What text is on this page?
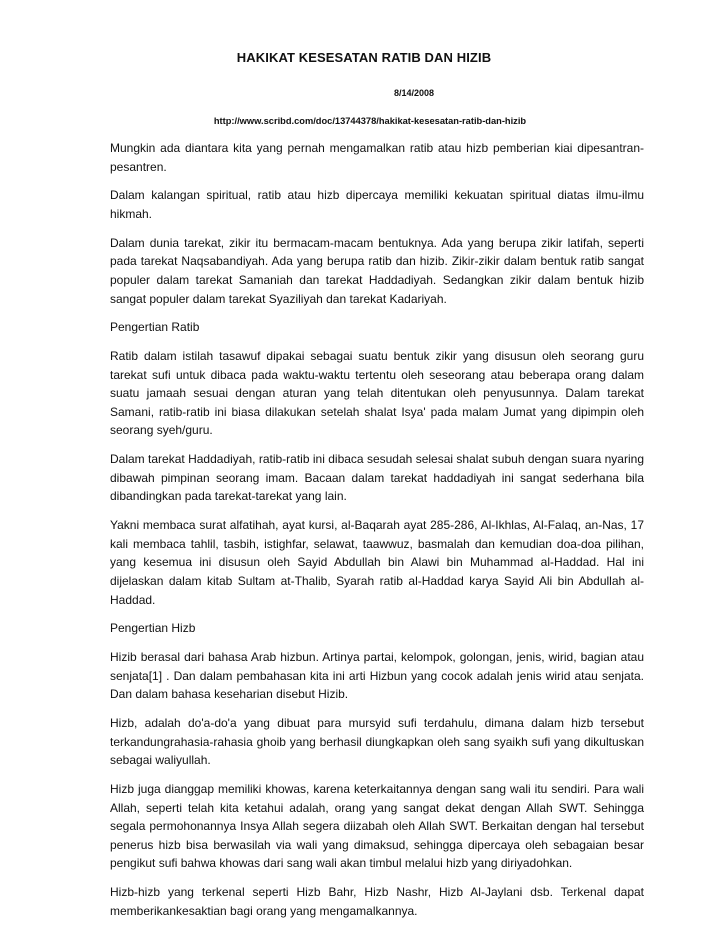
HAKIKAT KESESATAN RATIB DAN HIZIB
8/14/2008
http://www.scribd.com/doc/13744378/hakikat-kesesatan-ratib-dan-hizib

Mungkin ada diantara kita yang pernah mengamalkan ratib atau hizb pemberian kiai dipesantran-pesantren.

Dalam kalangan spiritual, ratib atau hizb dipercaya memiliki kekuatan spiritual diatas ilmu-ilmu hikmah.

Dalam dunia tarekat, zikir itu bermacam-macam bentuknya. Ada yang berupa zikir latifah, seperti pada tarekat Naqsabandiyah. Ada yang berupa ratib dan hizib. Zikir-zikir dalam bentuk ratib sangat populer dalam tarekat Samaniah dan tarekat Haddadiyah. Sedangkan zikir dalam bentuk hizib sangat populer dalam tarekat Syaziliyah dan tarekat Kadariyah.

Pengertian Ratib

Ratib dalam istilah tasawuf dipakai sebagai suatu bentuk zikir yang disusun oleh seorang guru tarekat sufi untuk dibaca pada waktu-waktu tertentu oleh seseorang atau beberapa orang dalam suatu jamaah sesuai dengan aturan yang telah ditentukan oleh penyusunnya. Dalam tarekat Samani, ratib-ratib ini biasa dilakukan setelah shalat Isya' pada malam Jumat yang dipimpin oleh seorang syeh/guru.

Dalam tarekat Haddadiyah, ratib-ratib ini dibaca sesudah selesai shalat subuh dengan suara nyaring dibawah pimpinan seorang imam. Bacaan dalam tarekat haddadiyah ini sangat sederhana bila dibandingkan pada tarekat-tarekat yang lain.

Yakni membaca surat alfatihah, ayat kursi, al-Baqarah ayat 285-286, Al-Ikhlas, Al-Falaq, an-Nas, 17 kali membaca tahlil, tasbih, istighfar, selawat, taawwuz, basmalah dan kemudian doa-doa pilihan, yang kesemua ini disusun oleh Sayid Abdullah bin Alawi bin Muhammad al-Haddad. Hal ini dijelaskan dalam kitab Sultam at-Thalib, Syarah ratib al-Haddad karya Sayid Ali bin Abdullah al-Haddad.

Pengertian Hizb

Hizib berasal dari bahasa Arab hizbun. Artinya partai, kelompok, golongan, jenis, wirid, bagian atau senjata[1] . Dan dalam pembahasan kita ini arti Hizbun yang cocok adalah jenis wirid atau senjata. Dan dalam bahasa keseharian disebut Hizib.

Hizb, adalah do'a-do'a yang dibuat para mursyid sufi terdahulu, dimana dalam hizb tersebut terkandungrahasia-rahasia ghoib yang berhasil diungkapkan oleh sang syaikh sufi yang dikultuskan sebagai waliyullah.

Hizb juga dianggap memiliki khowas, karena keterkaitannya dengan sang wali itu sendiri. Para wali Allah, seperti telah kita ketahui adalah, orang yang sangat dekat dengan Allah SWT. Sehingga segala permohonannya Insya Allah segera diizabah oleh Allah SWT. Berkaitan dengan hal tersebut penerus hizb bisa berwasilah via wali yang dimaksud, sehingga dipercaya oleh sebagaian besar pengikut sufi bahwa khowas dari sang wali akan timbul melalui hizb yang diriyadohkan.

Hizb-hizb yang terkenal seperti Hizb Bahr, Hizb Nashr, Hizb Al-Jaylani dsb. Terkenal dapat memberikankesaktian bagi orang yang mengamalkannya.
